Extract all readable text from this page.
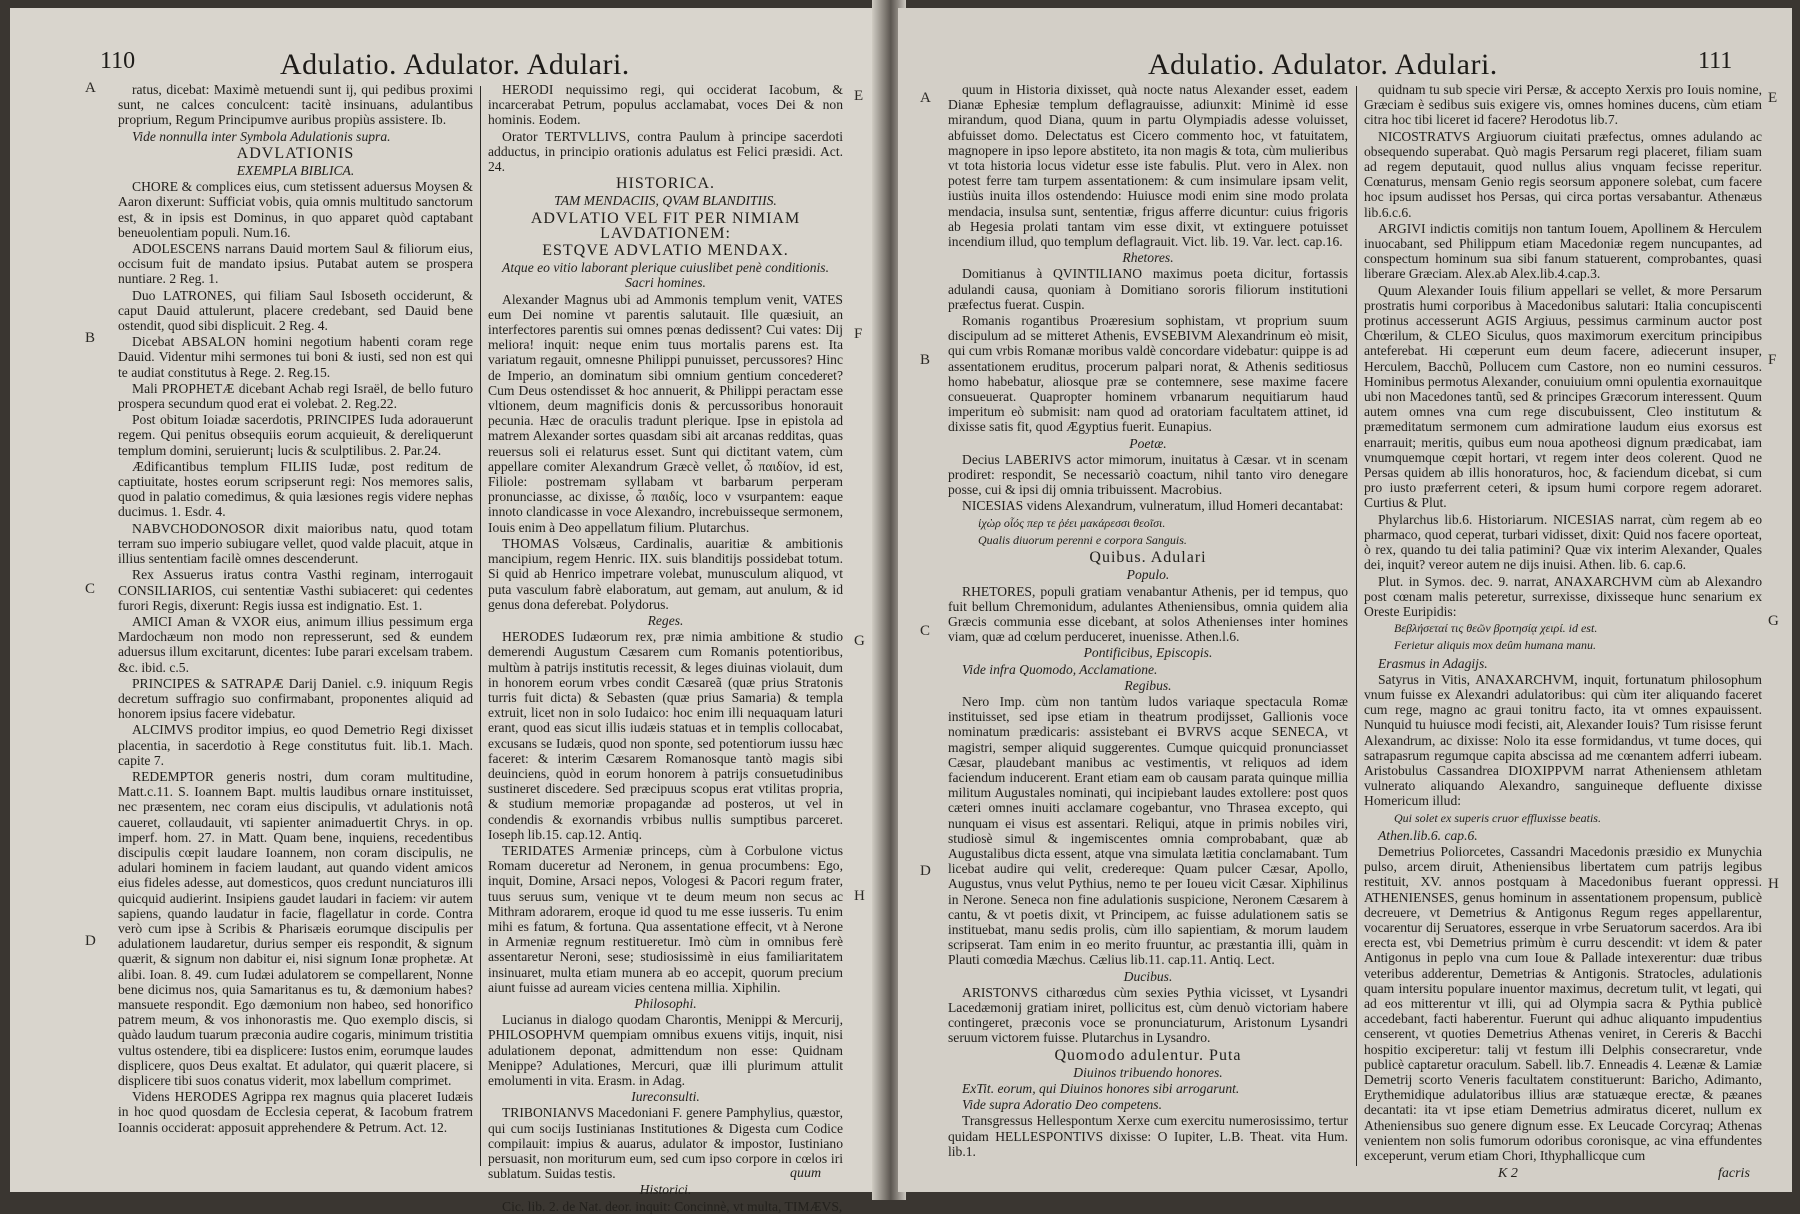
110	Adulatio. Adulator. Adulari.
A
B
C
D
E
F
G
H

ratus, dicebat: Maximè metuendi sunt ij, qui pedibus proximi sunt, ne calces conculcent: tacitè insinuans, adulantibus proprium, Regum Principumve auribus propiùs assistere. Ib.

Vide nonnulla inter Symbola Adulationis supra.

ADVLATIONIS

EXEMPLA BIBLICA.

CHORE & complices eius, cum stetissent aduersus Moysen & Aaron dixerunt: Sufficiat vobis, quia omnis multitudo sanctorum est, & in ipsis est Dominus, in quo apparet quòd captabant beneuolentiam populi. Num.16.

ADOLESCENS narrans Dauid mortem Saul & filiorum eius, occisum fuit de mandato ipsius. Putabat autem se prospera nuntiare. 2 Reg. 1.

Duo LATRONES, qui filiam Saul Isboseth occiderunt, & caput Dauid attulerunt, placere credebant, sed Dauid bene ostendit, quod sibi displicuit. 2 Reg. 4.

Dicebat ABSALON homini negotium habenti coram rege Dauid. Videntur mihi sermones tui boni & iusti, sed non est qui te audiat constitutus à Rege. 2. Reg.15.

Mali PROPHETÆ dicebant Achab regi Israël, de bello futuro prospera secundum quod erat ei volebat. 2. Reg.22.

Post obitum Ioiadæ sacerdotis, PRINCIPES Iuda adorauerunt regem. Qui penitus obsequiis eorum acquieuit, & dereliquerunt templum domini, seruierunt¡ lucis & sculptilibus. 2. Par.24.

Ædificantibus templum FILIIS Iudæ, post reditum de captiuitate, hostes eorum scripserunt regi: Nos memores salis, quod in palatio comedimus, & quia læsiones regis videre nephas ducimus. 1. Esdr. 4.

NABVCHODONOSOR dixit maioribus natu, quod totam terram suo imperio subiugare vellet, quod valde placuit, atque in illius sententiam facilè omnes descenderunt.

Rex Assuerus iratus contra Vasthi reginam, interrogauit CONSILIARIOS, cui sententiæ Vasthi subiaceret: qui cedentes furori Regis, dixerunt: Regis iussa est indignatio. Est. 1.

AMICI Aman & VXOR eius, animum illius pessimum erga Mardochæum non modo non represserunt, sed & eundem aduersus illum excitarunt, dicentes: Iube parari excelsam trabem. &c. ibid. c.5.

PRINCIPES & SATRAPÆ Darij Daniel. c.9. iniquum Regis decretum suffragio suo confirmabant, proponentes aliquid ad honorem ipsius facere videbatur.

ALCIMVS proditor impius, eo quod Demetrio Regi dixisset placentia, in sacerdotio à Rege constitutus fuit. lib.1. Mach. capite 7.

REDEMPTOR generis nostri, dum coram multitudine, Matt.c.11. S. Ioannem Bapt. multis laudibus ornare instituisset, nec præsentem, nec coram eius discipulis, vt adulationis notâ caueret, collaudauit, vti sapienter animaduertit Chrys. in op. imperf. hom. 27. in Matt. Quam bene, inquiens, recedentibus discipulis cœpit laudare Ioannem, non coram discipulis, ne adulari hominem in faciem laudant, aut quando vident amicos eius fideles adesse, aut domesticos, quos credunt nunciaturos illi quicquid audierint. Insipiens gaudet laudari in faciem: vir autem sapiens, quando laudatur in facie, flagellatur in corde. Contra verò cum ipse à Scribis & Pharisæis eorumque discipulis per adulationem laudaretur, durius semper eis respondit, & signum quærit, & signum non dabitur ei, nisi signum Ionæ prophetæ. At alibi. Ioan. 8. 49. cum Iudæi adulatorem se compellarent, Nonne bene dicimus nos, quia Samaritanus es tu, & dæmonium habes? mansuete respondit. Ego dæmonium non habeo, sed honorifico patrem meum, & vos inhonorastis me. Quo exemplo discis, si quàdo laudum tuarum præconia audire cogaris, minimum tristitia vultus ostendere, tibi ea displicere: Iustos enim, eorumque laudes displicere, quos Deus exaltat. Et adulator, qui quærit placere, si displicere tibi suos conatus viderit, mox labellum comprimet.

Videns HERODES Agrippa rex magnus quia placeret Iudæis in hoc quod quosdam de Ecclesia ceperat, & Iacobum fratrem Ioannis occiderat: apposuit apprehendere & Petrum. Act. 12.

HERODI nequissimo regi, qui occiderat Iacobum, & incarcerabat Petrum, populus acclamabat, voces Dei & non hominis. Eodem.

Orator TERTVLLIVS, contra Paulum à principe sacerdoti adductus, in principio orationis adulatus est Felici præsidi. Act. 24.

HISTORICA.

TAM MENDACIIS, QVAM BLANDITIIS.

ADVLATIO VEL FIT PER NIMIAM LAVDATIONEM:

ESTQVE ADVLATIO MENDAX.

Atque eo vitio laborant plerique cuiuslibet penè conditionis. Sacri homines.

Alexander Magnus ubi ad Ammonis templum venit, VATES eum Dei nomine vt parentis salutauit. Ille quæsiuit, an interfectores parentis sui omnes pœnas dedissent? Cui vates: Dij meliora! inquit: neque enim tuus mortalis parens est. Ita variatum regauit, omnesne Philippi punuisset, percussores? Hinc de Imperio, an dominatum sibi omnium gentium concederet? Cum Deus ostendisset & hoc annuerit, & Philippi peractam esse vltionem, deum magnificis donis & percussoribus honorauit pecunia. Hæc de oraculis tradunt plerique. Ipse in epistola ad matrem Alexander sortes quasdam sibi ait arcanas redditas, quas reuersus soli ei relaturus esset. Sunt qui dictitant vatem, cùm appellare comiter Alexandrum Græcè vellet, ὦ παιδίον, id est, Filiole: postremam syllabam vt barbarum perperam pronunciasse, ac dixisse, ὦ παιδίς, loco ν vsurpantem: eaque innoto clandicasse in voce Alexandro, increbuisseque sermonem, Iouis enim à Deo appellatum filium. Plutarchus.

THOMAS Volsæus, Cardinalis, auaritiæ & ambitionis mancipium, regem Henric. IIX. suis blanditijs possidebat totum. Si quid ab Henrico impetrare volebat, munusculum aliquod, vt puta vasculum fabrè elaboratum, aut gemam, aut anulum, & id genus dona deferebat. Polydorus.

Reges.

HERODES Iudæorum rex, præ nimia ambitione & studio demerendi Augustum Cæsarem cum Romanis potentioribus, multùm à patrijs institutis recessit, & leges diuinas violauit, dum in honorem eorum vrbes condit Cæsareã (quæ prius Stratonis turris fuit dicta) & Sebasten (quæ prius Samaria) & templa extruit, licet non in solo Iudaico: hoc enim illi nequaquam laturi erant, quod eas sicut illis iudæis statuas et in templis collocabat, excusans se Iudæis, quod non sponte, sed potentiorum iussu hæc faceret: & interim Cæsarem Romanosque tantò magis sibi deuinciens, quòd in eorum honorem à patrijs consuetudinibus sustineret discedere. Sed præcipuus scopus erat vtilitas propria, & studium memoriæ propagandæ ad posteros, ut vel in condendis & exornandis vrbibus nullis sumptibus parceret. Ioseph lib.15. cap.12. Antiq.

TERIDATES Armeniæ princeps, cùm à Corbulone victus Romam duceretur ad Neronem, in genua procumbens: Ego, inquit, Domine, Arsaci nepos, Vologesi & Pacori regum frater, tuus seruus sum, venique vt te deum meum non secus ac Mithram adorarem, eroque id quod tu me esse iusseris. Tu enim mihi es fatum, & fortuna. Qua assentatione effecit, vt à Nerone in Armeniæ regnum restitueretur. Imò cùm in omnibus ferè assentaretur Neroni, sese; studiosissimè in eius familiaritatem insinuaret, multa etiam munera ab eo accepit, quorum precium aiunt fuisse ad auream vicies centena millia. Xiphilin.

Philosophi.

Lucianus in dialogo quodam Charontis, Menippi & Mercurij, PHILOSOPHVM quempiam omnibus exuens vitijs, inquit, nisi adulationem deponat, admittendum non esse: Quidnam Menippe? Adulationes, Mercuri, quæ illi plurimum attulit emolumenti in vita. Erasm. in Adag.

Iureconsulti.

TRIBONIANVS Macedoniani F. genere Pamphylius, quæstor, qui cum socijs Iustinianas Institutiones & Digesta cum Codice compilauit: impius & auarus, adulator & impostor, Iustiniano persuasit, non moriturum eum, sed cum ipso corpore in cœlos iri sublatum. Suidas testis.

Historici.

Cic. lib. 2. de Nat. deor. inquit: Concinnè, vt multa, TIMÆVS,

quum
Adulatio. Adulator. Adulari.	111
A
B
C
D
E
F
G
H

quum in Historia dixisset, quà nocte natus Alexander esset, eadem Dianæ Ephesiæ templum deflagrauisse, adiunxit: Minimè id esse mirandum, quod Diana, quum in partu Olympiadis adesse voluisset, abfuisset domo. Delectatus est Cicero commento hoc, vt fatuitatem, magnopere in ipso lepore abstiteto, ita non magis & tota, cùm mulieribus vt tota historia locus videtur esse iste fabulis. Plut. vero in Alex. non potest ferre tam turpem assentationem: & cum insimulare ipsam velit, iustiùs inuita illos ostendendo: Huiusce modi enim sine modo prolata mendacia, insulsa sunt, sententiæ, frigus afferre dicuntur: cuius frigoris ab Hegesia prolati tantam vim esse dixit, vt extinguere potuisset incendium illud, quo templum deflagrauit. Vict. lib. 19. Var. lect. cap.16.

Rhetores.

Domitianus à QVINTILIANO maximus poeta dicitur, fortassis adulandi causa, quoniam à Domitiano sororis filiorum institutioni præfectus fuerat. Cuspin.

Romanis rogantibus Proæresium sophistam, vt proprium suum discipulum ad se mitteret Athenis, EVSEBIVM Alexandrinum eò misit, qui cum vrbis Romanæ moribus valdè concordare videbatur: quippe is ad assentationem eruditus, procerum palpari norat, & Athenis seditiosus homo habebatur, aliosque præ se contemnere, sese maxime facere consueuerat. Quapropter hominem vrbanarum nequitiarum haud imperitum eò submisit: nam quod ad oratoriam facultatem attinet, id dixisse satis fit, quod Ægyptius fuerit. Eunapius.

Poetæ.

Decius LABERIVS actor mimorum, inuitatus à Cæsar. vt in scenam prodiret: respondit, Se necessariò coactum, nihil tanto viro denegare posse, cui & ipsi dij omnia tribuissent. Macrobius.

NICESIAS videns Alexandrum, vulneratum, illud Homeri decantabat:

ἰχὼρ οἷός περ τε ῥέει μακάρεσσι θεοῖσι.

Qualis diuorum perenni e corpora Sanguis.

Quibus. Adulari

Populo.

RHETORES, populi gratiam venabantur Athenis, per id tempus, quo fuit bellum Chremonidum, adulantes Atheniensibus, omnia quidem alia Græcis communia esse dicebant, at solos Athenienses inter homines viam, quæ ad cœlum perduceret, inuenisse. Athen.l.6.

Pontificibus, Episcopis.

Vide infra Quomodo, Acclamatione.

Regibus.

Nero Imp. cùm non tantùm ludos variaque spectacula Romæ instituisset, sed ipse etiam in theatrum prodijsset, Gallionis voce nominatum prædicaris: assistebant ei BVRVS acque SENECA, vt magistri, semper aliquid suggerentes. Cumque quicquid pronunciasset Cæsar, plaudebant manibus ac vestimentis, vt reliquos ad idem faciendum inducerent. Erant etiam eam ob causam parata quinque millia militum Augustales nominati, qui incipiebant laudes extollere: post quos cæteri omnes inuiti acclamare cogebantur, vno Thrasea excepto, qui nunquam ei visus est assentari. Reliqui, atque in primis nobiles viri, studiosè simul & ingemiscentes omnia comprobabant, quæ ab Augustalibus dicta essent, atque vna simulata lætitia conclamabant. Tum licebat audire qui velit, credereque: Quam pulcer Cæsar, Apollo, Augustus, vnus velut Pythius, nemo te per Ioueu vicit Cæsar. Xiphilinus in Nerone. Seneca non fine adulationis suspicione, Neronem Cæsarem à cantu, & vt poetis dixit, vt Principem, ac fuisse adulationem satis se instituebat, manu sedis prolis, cùm illo sapientiam, & morum laudem scripserat. Tam enim in eo merito fruuntur, ac præstantia illi, quàm in Plauti comœdia Mæchus. Cælius lib.11. cap.11. Antiq. Lect.

Ducibus.

ARISTONVS citharœdus cùm sexies Pythia vicisset, vt Lysandri Lacedæmonij gratiam iniret, pollicitus est, cùm denuò victoriam habere contingeret, præconis voce se pronunciaturum, Aristonum Lysandri seruum victorem fuisse. Plutarchus in Lysandro.

Quomodo adulentur. Puta

Diuinos tribuendo honores.

ExTit. eorum, qui Diuinos honores sibi arrogarunt.

Vide supra Adoratio Deo competens.

Transgressus Hellespontum Xerxe cum exercitu numerosissimo, tertur quidam HELLESPONTIVS dixisse: O Iupiter, L.B. Theat. vita Hum. lib.1.

quidnam tu sub specie viri Persæ, & accepto Xerxis pro Iouis nomine, Græciam è sedibus suis exigere vis, omnes homines ducens, cùm etiam citra hoc tibi liceret id facere? Herodotus lib.7.

NICOSTRATVS Argiuorum ciuitati præfectus, omnes adulando ac obsequendo superabat. Quò magis Persarum regi placeret, filiam suam ad regem deputauit, quod nullus alius vnquam fecisse reperitur. Cœnaturus, mensam Genio regis seorsum apponere solebat, cum facere hoc ipsum audisset hos Persas, qui circa portas versabantur. Athenæus lib.6.c.6.

ARGIVI indictis comitijs non tantum Iouem, Apollinem & Herculem inuocabant, sed Philippum etiam Macedoniæ regem nuncupantes, ad conspectum hominum sua sibi fanum statuerent, comprobantes, quasi liberare Græciam. Alex.ab Alex.lib.4.cap.3.

Quum Alexander Iouis filium appellari se vellet, & more Persarum prostratis humi corporibus à Macedonibus salutari: Italia concupiscenti protinus accesserunt AGIS Argiuus, pessimus carminum auctor post Chœrilum, & CLEO Siculus, quos maximorum exercitum principibus anteferebat. Hi cœperunt eum deum facere, adiecerunt insuper, Herculem, Bacchũ, Pollucem cum Castore, non eo numini cessuros. Hominibus permotus Alexander, conuiuium omni opulentia exornauitque ubi non Macedones tantũ, sed & principes Græcorum interessent. Quum autem omnes vna cum rege discubuissent, Cleo institutum & præmeditatum sermonem cum admiratione laudum eius exorsus est enarrauit; meritis, quibus eum noua apotheosi dignum prædicabat, iam vnumquemque cœpit hortari, vt regem inter deos colerent. Quod ne Persas quidem ab illis honoraturos, hoc, & faciendum dicebat, si cum pro iusto præferrent ceteri, & ipsum humi corpore regem adoraret. Curtius & Plut.

Phylarchus lib.6. Historiarum. NICESIAS narrat, cùm regem ab eo pharmaco, quod ceperat, turbari vidisset, dixit: Quid nos facere oporteat, ò rex, quando tu dei talia patimini? Quæ vix interim Alexander, Quales dei, inquit? vereor autem ne dijs inuisi. Athen. lib. 6. cap.6.

Plut. in Symos. dec. 9. narrat, ANAXARCHVM cùm ab Alexandro post cœnam malis peteretur, surrexisse, dixisseque hunc senarium ex Oreste Euripidis:

Βεβλήσεταί τις θεῶν βροτησίᾳ χειρί. id est.

Ferietur aliquis mox deûm humana manu.

Erasmus in Adagijs.

Satyrus in Vitis, ANAXARCHVM, inquit, fortunatum philosophum vnum fuisse ex Alexandri adulatoribus: qui cùm iter aliquando faceret cum rege, magno ac graui tonitru facto, ita vt omnes expauissent. Nunquid tu huiusce modi fecisti, ait, Alexander Iouis? Tum risisse ferunt Alexandrum, ac dixisse: Nolo ita esse formidandus, vt tume doces, qui satrapasrum regumque capita abscissa ad me cœnantem adferri iubeam. Aristobulus Cassandrea DIOXIPPVM narrat Atheniensem athletam vulnerato aliquando Alexandro, sanguineque defluente dixisse Homericum illud:

Qui solet ex superis cruor effluxisse beatis.

Athen.lib.6. cap.6.

Demetrius Poliorcetes, Cassandri Macedonis præsidio ex Munychia pulso, arcem diruit, Atheniensibus libertatem cum patrijs legibus restituit, XV. annos postquam à Macedonibus fuerant oppressi. ATHENIENSES, genus hominum in assentationem propensum, publicè decreuere, vt Demetrius & Antigonus Regum reges appellarentur, vocarentur dij Seruatores, esserque in vrbe Seruatorum sacerdos. Ara ibi erecta est, vbi Demetrius primùm è curru descendit: vt idem & pater Antigonus in peplo vna cum Ioue & Pallade intexerentur: duæ tribus veteribus adderentur, Demetrias & Antigonis. Stratocles, adulationis quam intersitu populare inuentor maximus, decretum tulit, vt legati, qui ad eos mitterentur vt illi, qui ad Olympia sacra & Pythia publicè accedebant, facti haberentur. Fuerunt qui adhuc aliquanto impudentius censerent, vt quoties Demetrius Athenas veniret, in Cereris & Bacchi hospitio exciperetur: talij vt festum illi Delphis consecraretur, vnde publicè captaretur oraculum. Sabell. lib.7. Enneadis 4. Leænæ & Lamiæ Demetrij scorto Veneris facultatem constituerunt: Baricho, Adimanto, Erythemidique adulatoribus illius aræ statuæque erectæ, & pæanes decantati: ita vt ipse etiam Demetrius admiratus diceret, nullum ex Atheniensibus suo genere dignum esse. Ex Leucade Corcyraq; Athenas venientem non solis fumorum odoribus coronisque, ac vina effundentes exceperunt, verum etiam Chori, Ithyphallicque cum

K 2	facris
